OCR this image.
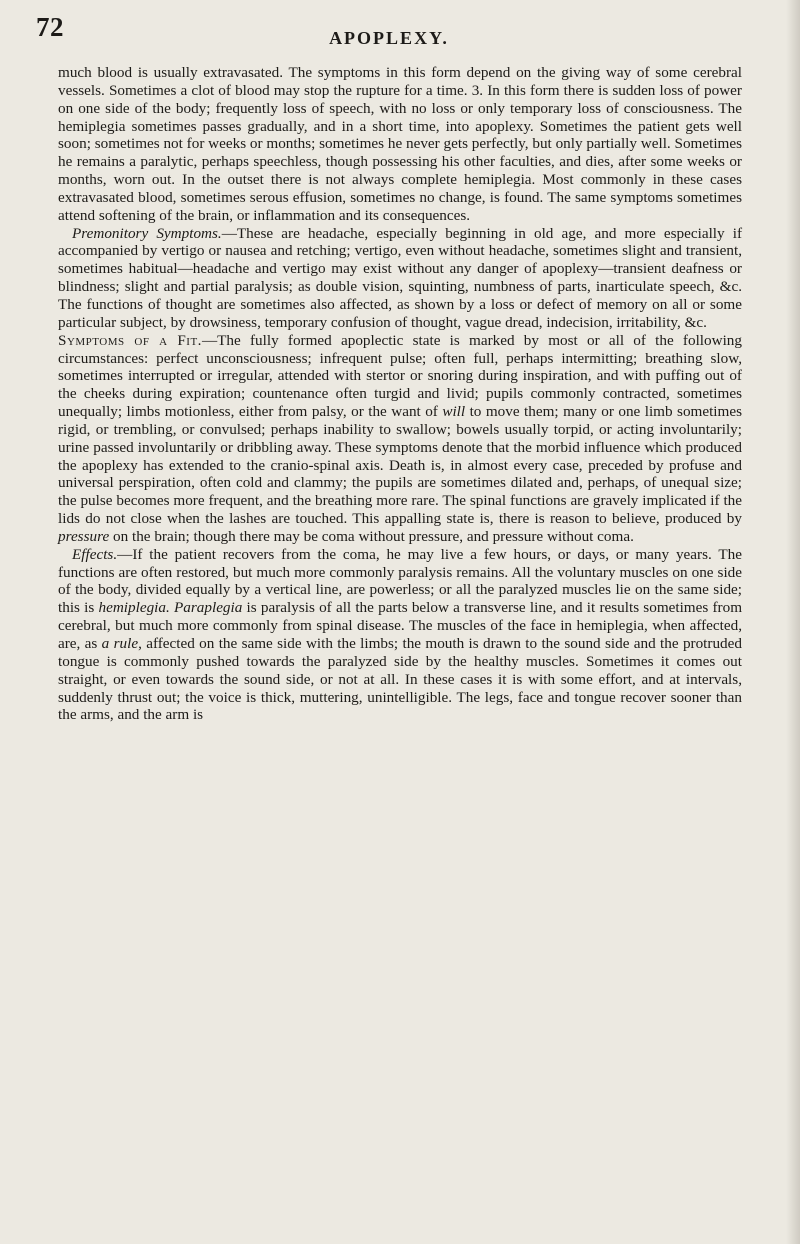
72	APOPLEXY.

much blood is usually extravasated. The symptoms in this form depend on the giving way of some cerebral vessels. Sometimes a clot of blood may stop the rupture for a time. 3. In this form there is sudden loss of power on one side of the body; frequently loss of speech, with no loss or only temporary loss of consciousness. The hemiplegia sometimes passes gradually, and in a short time, into apoplexy. Sometimes the patient gets well soon; sometimes not for weeks or months; sometimes he never gets perfectly, but only partially well. Sometimes he remains a paralytic, perhaps speechless, though possessing his other faculties, and dies, after some weeks or months, worn out. In the outset there is not always complete hemiplegia. Most commonly in these cases extravasated blood, sometimes serous effusion, sometimes no change, is found. The same symptoms sometimes attend softening of the brain, or inflammation and its consequences.

Premonitory Symptoms.—These are headache, especially beginning in old age, and more especially if accompanied by vertigo or nausea and retching; vertigo, even without headache, sometimes slight and transient, sometimes habitual—headache and vertigo may exist without any danger of apoplexy—transient deafness or blindness; slight and partial paralysis; as double vision, squinting, numbness of parts, inarticulate speech, &c. The functions of thought are sometimes also affected, as shown by a loss or defect of memory on all or some particular subject, by drowsiness, temporary confusion of thought, vague dread, indecision, irritability, &c.

Symptoms of a Fit.—The fully formed apoplectic state is marked by most or all of the following circumstances: perfect unconsciousness; infrequent pulse; often full, perhaps intermitting; breathing slow, sometimes interrupted or irregular, attended with stertor or snoring during inspiration, and with puffing out of the cheeks during expiration; countenance often turgid and livid; pupils commonly contracted, sometimes unequally; limbs motionless, either from palsy, or the want of will to move them; many or one limb sometimes rigid, or trembling, or convulsed; perhaps inability to swallow; bowels usually torpid, or acting involuntarily; urine passed involuntarily or dribbling away. These symptoms denote that the morbid influence which produced the apoplexy has extended to the cranio-spinal axis. Death is, in almost every case, preceded by profuse and universal perspiration, often cold and clammy; the pupils are sometimes dilated and, perhaps, of unequal size; the pulse becomes more frequent, and the breathing more rare. The spinal functions are gravely implicated if the lids do not close when the lashes are touched. This appalling state is, there is reason to believe, produced by pressure on the brain; though there may be coma without pressure, and pressure without coma.

Effects.—If the patient recovers from the coma, he may live a few hours, or days, or many years. The functions are often restored, but much more commonly paralysis remains. All the voluntary muscles on one side of the body, divided equally by a vertical line, are powerless; or all the paralyzed muscles lie on the same side; this is hemiplegia. Paraplegia is paralysis of all the parts below a transverse line, and it results sometimes from cerebral, but much more commonly from spinal disease. The muscles of the face in hemiplegia, when affected, are, as a rule, affected on the same side with the limbs; the mouth is drawn to the sound side and the protruded tongue is commonly pushed towards the paralyzed side by the healthy muscles. Sometimes it comes out straight, or even towards the sound side, or not at all. In these cases it is with some effort, and at intervals, suddenly thrust out; the voice is thick, muttering, unintelligible. The legs, face and tongue recover sooner than the arms, and the arm is
